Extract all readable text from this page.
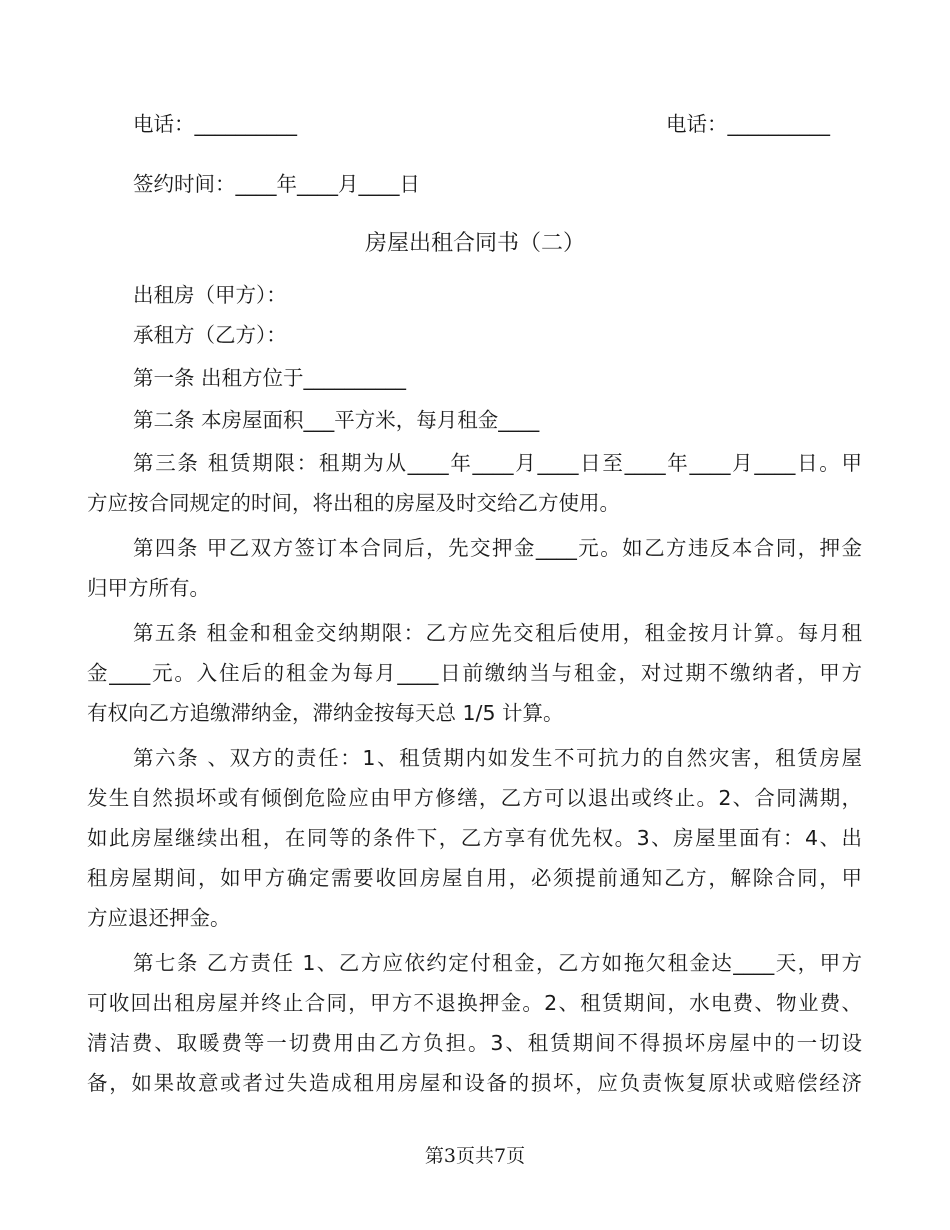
电话：__________	电话：__________
签约时间：____年____月____日
房屋出租合同书（二）
出租房（甲方）：
承租方（乙方）：
第一条 出租方位于__________
第二条 本房屋面积___平方米，每月租金____
第三条 租赁期限：租期为从____年____月____日至____年____月____日。甲
方应按合同规定的时间，将出租的房屋及时交给乙方使用。
第四条 甲乙双方签订本合同后，先交押金____元。如乙方违反本合同，押金
归甲方所有。
第五条 租金和租金交纳期限：乙方应先交租后使用，租金按月计算。每月租
金____元。入住后的租金为每月____日前缴纳当与租金，对过期不缴纳者，甲方
有权向乙方追缴滞纳金，滞纳金按每天总 1/5 计算。
第六条 、双方的责任：1、租赁期内如发生不可抗力的自然灾害，租赁房屋
发生自然损坏或有倾倒危险应由甲方修缮，乙方可以退出或终止。2、合同满期，
如此房屋继续出租，在同等的条件下，乙方享有优先权。3、房屋里面有：4、出
租房屋期间，如甲方确定需要收回房屋自用，必须提前通知乙方，解除合同，甲
方应退还押金。
第七条 乙方责任 1、乙方应依约定付租金，乙方如拖欠租金达____天，甲方
可收回出租房屋并终止合同，甲方不退换押金。2、租赁期间，水电费、物业费、
清洁费、取暖费等一切费用由乙方负担。3、租赁期间不得损坏房屋中的一切设
备，如果故意或者过失造成租用房屋和设备的损坏，应负责恢复原状或赔偿经济
第3页共7页
